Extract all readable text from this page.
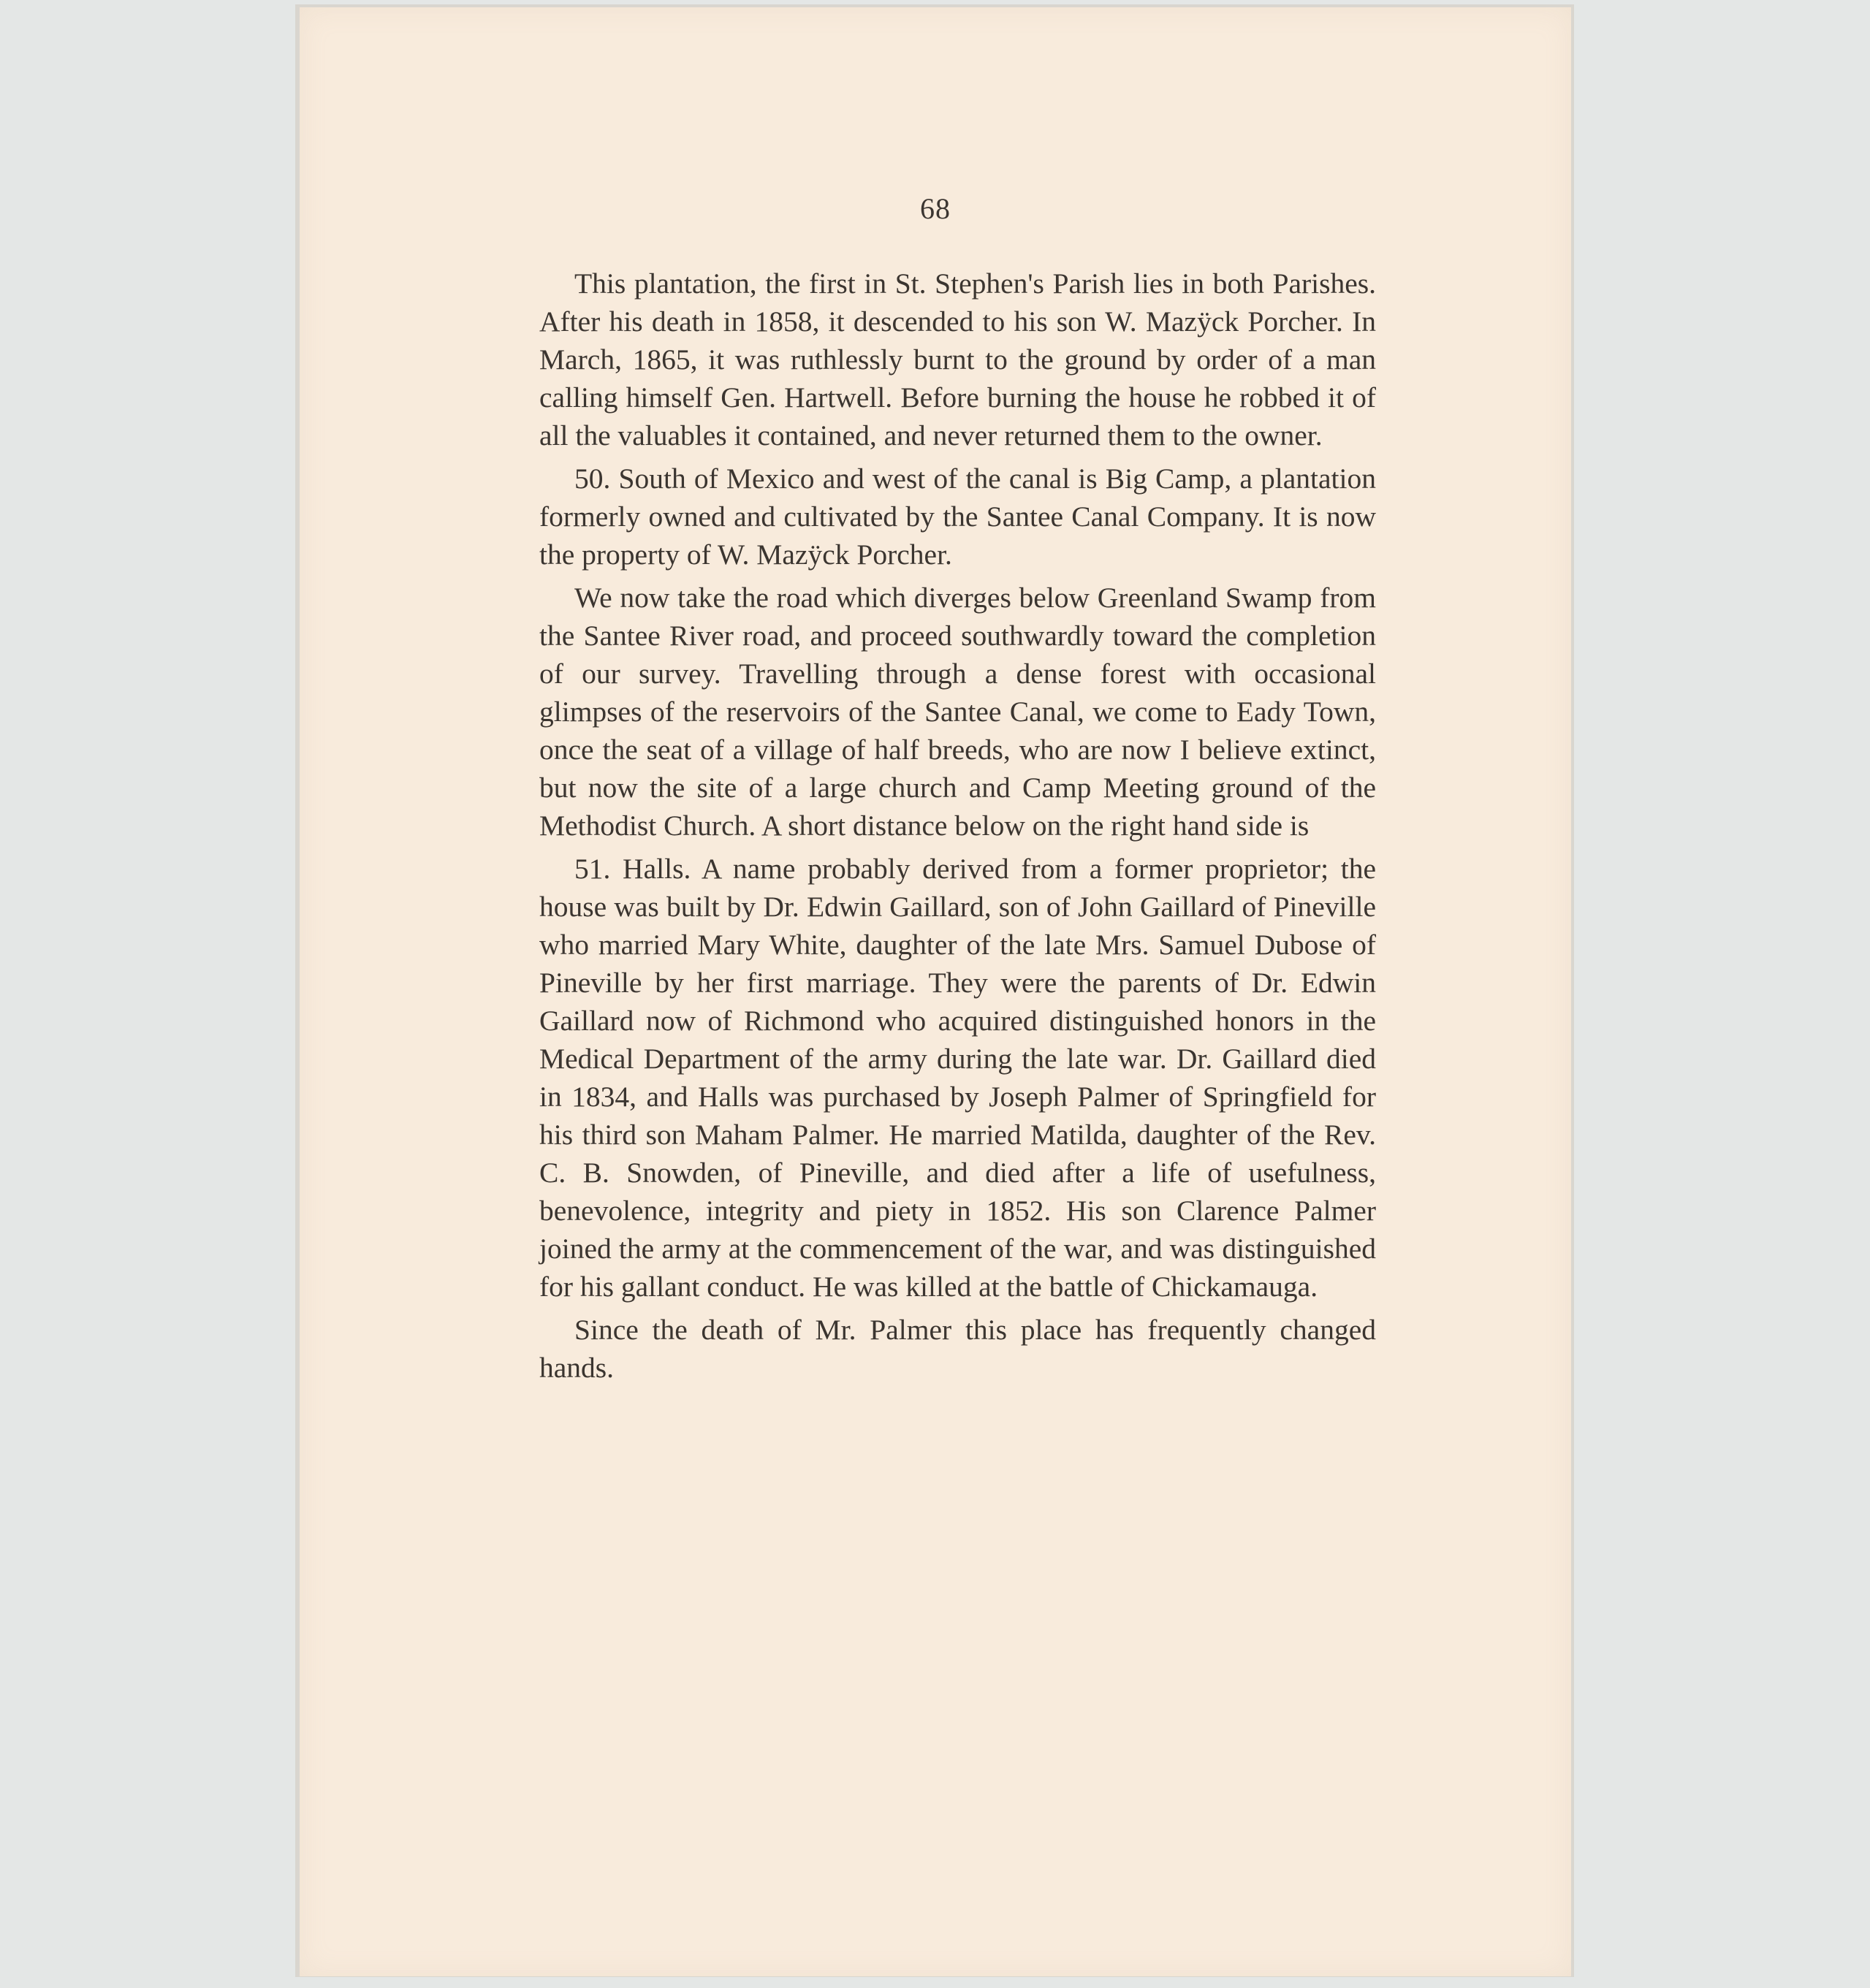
68

This plantation, the first in St. Stephen's Parish lies in both Parishes. After his death in 1858, it descended to his son W. Mazÿck Porcher. In March, 1865, it was ruthlessly burnt to the ground by order of a man calling himself Gen. Hartwell. Before burning the house he robbed it of all the valuables it contained, and never returned them to the owner.

50. South of Mexico and west of the canal is Big Camp, a plantation formerly owned and cultivated by the Santee Canal Company. It is now the property of W. Mazÿck Porcher.

We now take the road which diverges below Greenland Swamp from the Santee River road, and proceed southwardly toward the completion of our survey. Travelling through a dense forest with occasional glimpses of the reservoirs of the Santee Canal, we come to Eady Town, once the seat of a village of half breeds, who are now I believe extinct, but now the site of a large church and Camp Meeting ground of the Methodist Church. A short distance below on the right hand side is

51. Halls. A name probably derived from a former proprietor; the house was built by Dr. Edwin Gaillard, son of John Gaillard of Pineville who married Mary White, daughter of the late Mrs. Samuel Dubose of Pineville by her first marriage. They were the parents of Dr. Edwin Gaillard now of Richmond who acquired distinguished honors in the Medical Department of the army during the late war. Dr. Gaillard died in 1834, and Halls was purchased by Joseph Palmer of Springfield for his third son Maham Palmer. He married Matilda, daughter of the Rev. C. B. Snowden, of Pineville, and died after a life of usefulness, benevolence, integrity and piety in 1852. His son Clarence Palmer joined the army at the commencement of the war, and was distinguished for his gallant conduct. He was killed at the battle of Chickamauga.

Since the death of Mr. Palmer this place has frequently changed hands.
